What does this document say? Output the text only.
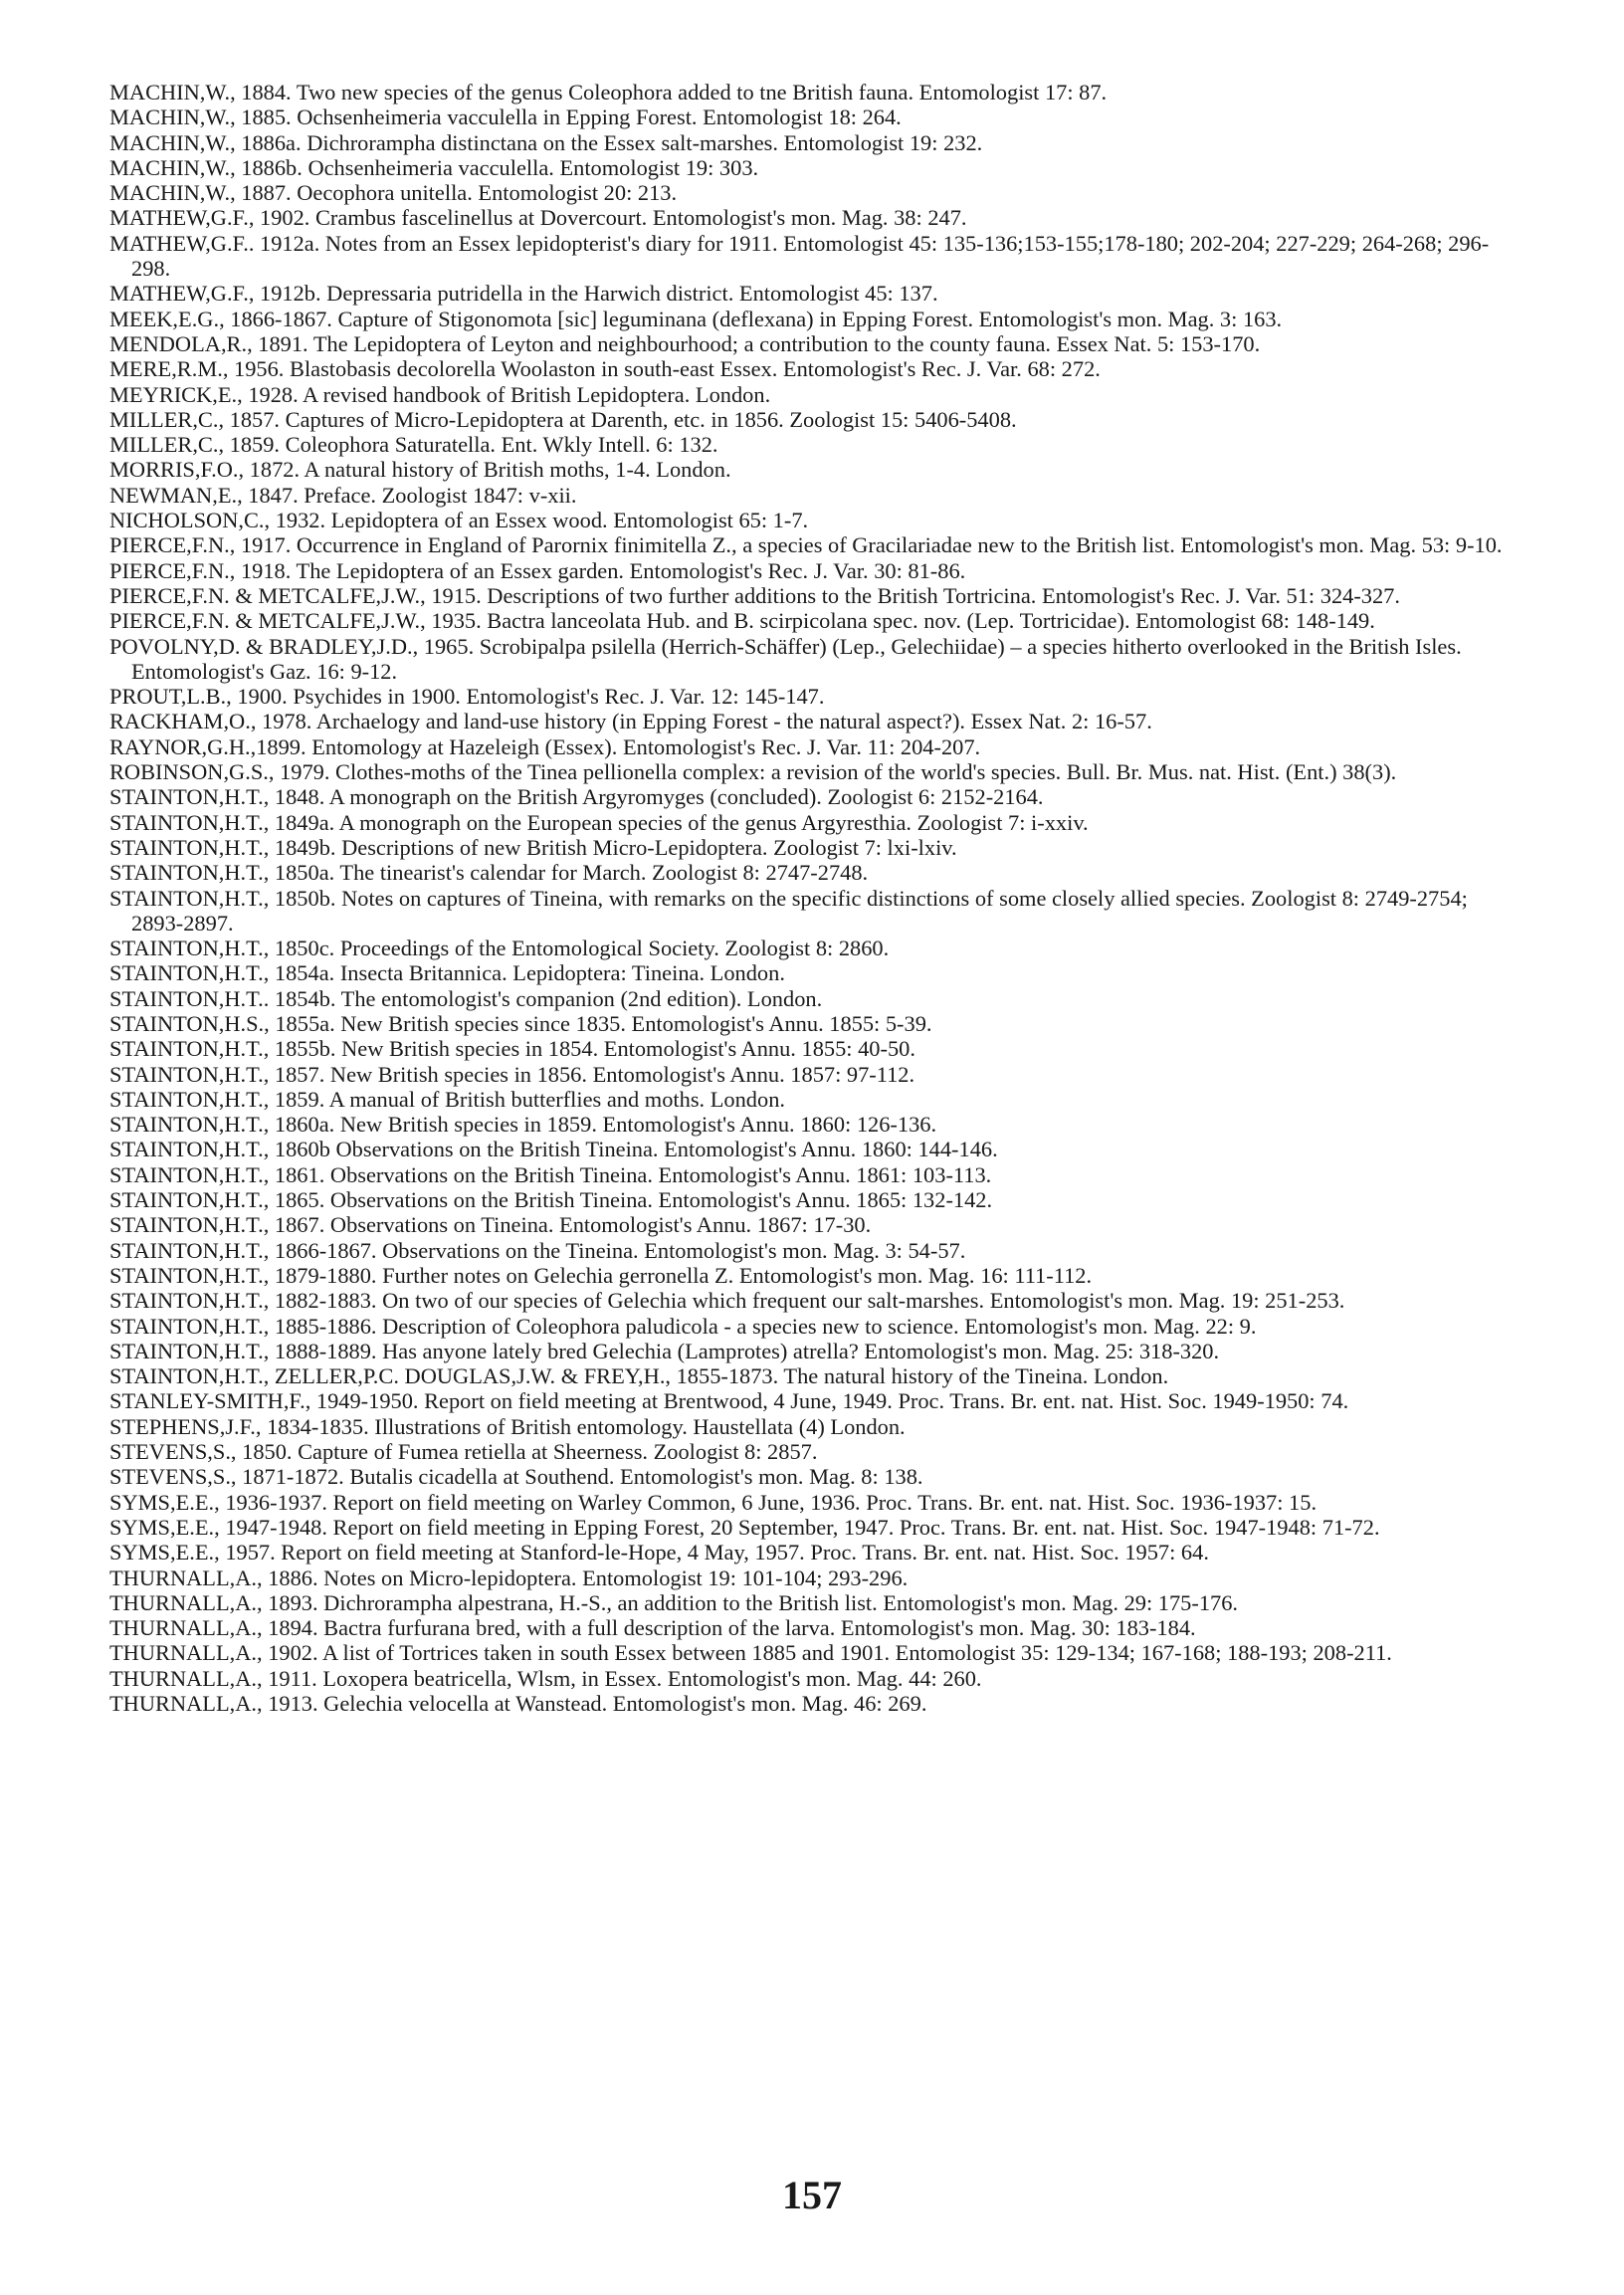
MACHIN,W., 1884. Two new species of the genus Coleophora added to tne British fauna. Entomologist 17: 87.
MACHIN,W., 1885. Ochsenheimeria vacculella in Epping Forest. Entomologist 18: 264.
MACHIN,W., 1886a. Dichrorampha distinctana on the Essex salt-marshes. Entomologist 19: 232.
MACHIN,W., 1886b. Ochsenheimeria vacculella. Entomologist 19: 303.
MACHIN,W., 1887. Oecophora unitella. Entomologist 20: 213.
MATHEW,G.F., 1902. Crambus fascelinellus at Dovercourt. Entomologist's mon. Mag. 38: 247.
MATHEW,G.F.. 1912a. Notes from an Essex lepidopterist's diary for 1911. Entomologist 45: 135-136;153-155;178-180; 202-204; 227-229; 264-268; 296-298.
MATHEW,G.F., 1912b. Depressaria putridella in the Harwich district. Entomologist 45: 137.
MEEK,E.G., 1866-1867. Capture of Stigonomota [sic] leguminana (deflexana) in Epping Forest. Entomologist's mon. Mag. 3: 163.
MENDOLA,R., 1891. The Lepidoptera of Leyton and neighbourhood; a contribution to the county fauna. Essex Nat. 5: 153-170.
MERE,R.M., 1956. Blastobasis decolorella Woolaston in south-east Essex. Entomologist's Rec. J. Var. 68: 272.
MEYRICK,E., 1928. A revised handbook of British Lepidoptera. London.
MILLER,C., 1857. Captures of Micro-Lepidoptera at Darenth, etc. in 1856. Zoologist 15: 5406-5408.
MILLER,C., 1859. Coleophora Saturatella. Ent. Wkly Intell. 6: 132.
MORRIS,F.O., 1872. A natural history of British moths, 1-4. London.
NEWMAN,E., 1847. Preface. Zoologist 1847: v-xii.
NICHOLSON,C., 1932. Lepidoptera of an Essex wood. Entomologist 65: 1-7.
PIERCE,F.N., 1917. Occurrence in England of Parornix finimitella Z., a species of Gracilariadae new to the British list. Entomologist's mon. Mag. 53: 9-10.
PIERCE,F.N., 1918. The Lepidoptera of an Essex garden. Entomologist's Rec. J. Var. 30: 81-86.
PIERCE,F.N. & METCALFE,J.W., 1915. Descriptions of two further additions to the British Tortricina. Entomologist's Rec. J. Var. 51: 324-327.
PIERCE,F.N. & METCALFE,J.W., 1935. Bactra lanceolata Hub. and B. scirpicolana spec. nov. (Lep. Tortricidae). Entomologist 68: 148-149.
POVOLNY,D. & BRADLEY,J.D., 1965. Scrobipalpa psilella (Herrich-Schäffer) (Lep., Gelechiidae) – a species hitherto overlooked in the British Isles. Entomologist's Gaz. 16: 9-12.
PROUT,L.B., 1900. Psychides in 1900. Entomologist's Rec. J. Var. 12: 145-147.
RACKHAM,O., 1978. Archaelogy and land-use history (in Epping Forest - the natural aspect?). Essex Nat. 2: 16-57.
RAYNOR,G.H.,1899. Entomology at Hazeleigh (Essex). Entomologist's Rec. J. Var. 11: 204-207.
ROBINSON,G.S., 1979. Clothes-moths of the Tinea pellionella complex: a revision of the world's species. Bull. Br. Mus. nat. Hist. (Ent.) 38(3).
STAINTON,H.T., 1848. A monograph on the British Argyromyges (concluded). Zoologist 6: 2152-2164.
STAINTON,H.T., 1849a. A monograph on the European species of the genus Argyresthia. Zoologist 7: i-xxiv.
STAINTON,H.T., 1849b. Descriptions of new British Micro-Lepidoptera. Zoologist 7: lxi-lxiv.
STAINTON,H.T., 1850a. The tinearist's calendar for March. Zoologist 8: 2747-2748.
STAINTON,H.T., 1850b. Notes on captures of Tineina, with remarks on the specific distinctions of some closely allied species. Zoologist 8: 2749-2754; 2893-2897.
STAINTON,H.T., 1850c. Proceedings of the Entomological Society. Zoologist 8: 2860.
STAINTON,H.T., 1854a. Insecta Britannica. Lepidoptera: Tineina. London.
STAINTON,H.T.. 1854b. The entomologist's companion (2nd edition). London.
STAINTON,H.S., 1855a. New British species since 1835. Entomologist's Annu. 1855: 5-39.
STAINTON,H.T., 1855b. New British species in 1854. Entomologist's Annu. 1855: 40-50.
STAINTON,H.T., 1857. New British species in 1856. Entomologist's Annu. 1857: 97-112.
STAINTON,H.T., 1859. A manual of British butterflies and moths. London.
STAINTON,H.T., 1860a. New British species in 1859. Entomologist's Annu. 1860: 126-136.
STAINTON,H.T., 1860b Observations on the British Tineina. Entomologist's Annu. 1860: 144-146.
STAINTON,H.T., 1861. Observations on the British Tineina. Entomologist's Annu. 1861: 103-113.
STAINTON,H.T., 1865. Observations on the British Tineina. Entomologist's Annu. 1865: 132-142.
STAINTON,H.T., 1867. Observations on Tineina. Entomologist's Annu. 1867: 17-30.
STAINTON,H.T., 1866-1867. Observations on the Tineina. Entomologist's mon. Mag. 3: 54-57.
STAINTON,H.T., 1879-1880. Further notes on Gelechia gerronella Z. Entomologist's mon. Mag. 16: 111-112.
STAINTON,H.T., 1882-1883. On two of our species of Gelechia which frequent our salt-marshes. Entomologist's mon. Mag. 19: 251-253.
STAINTON,H.T., 1885-1886. Description of Coleophora paludicola - a species new to science. Entomologist's mon. Mag. 22: 9.
STAINTON,H.T., 1888-1889. Has anyone lately bred Gelechia (Lamprotes) atrella? Entomologist's mon. Mag. 25: 318-320.
STAINTON,H.T., ZELLER,P.C. DOUGLAS,J.W. & FREY,H., 1855-1873. The natural history of the Tineina. London.
STANLEY-SMITH,F., 1949-1950. Report on field meeting at Brentwood, 4 June, 1949. Proc. Trans. Br. ent. nat. Hist. Soc. 1949-1950: 74.
STEPHENS,J.F., 1834-1835. Illustrations of British entomology. Haustellata (4) London.
STEVENS,S., 1850. Capture of Fumea retiella at Sheerness. Zoologist 8: 2857.
STEVENS,S., 1871-1872. Butalis cicadella at Southend. Entomologist's mon. Mag. 8: 138.
SYMS,E.E., 1936-1937. Report on field meeting on Warley Common, 6 June, 1936. Proc. Trans. Br. ent. nat. Hist. Soc. 1936-1937: 15.
SYMS,E.E., 1947-1948. Report on field meeting in Epping Forest, 20 September, 1947. Proc. Trans. Br. ent. nat. Hist. Soc. 1947-1948: 71-72.
SYMS,E.E., 1957. Report on field meeting at Stanford-le-Hope, 4 May, 1957. Proc. Trans. Br. ent. nat. Hist. Soc. 1957: 64.
THURNALL,A., 1886. Notes on Micro-lepidoptera. Entomologist 19: 101-104; 293-296.
THURNALL,A., 1893. Dichrorampha alpestrana, H.-S., an addition to the British list. Entomologist's mon. Mag. 29: 175-176.
THURNALL,A., 1894. Bactra furfurana bred, with a full description of the larva. Entomologist's mon. Mag. 30: 183-184.
THURNALL,A., 1902. A list of Tortrices taken in south Essex between 1885 and 1901. Entomologist 35: 129-134; 167-168; 188-193; 208-211.
THURNALL,A., 1911. Loxopera beatricella, Wlsm, in Essex. Entomologist's mon. Mag. 44: 260.
THURNALL,A., 1913. Gelechia velocella at Wanstead. Entomologist's mon. Mag. 46: 269.
157
